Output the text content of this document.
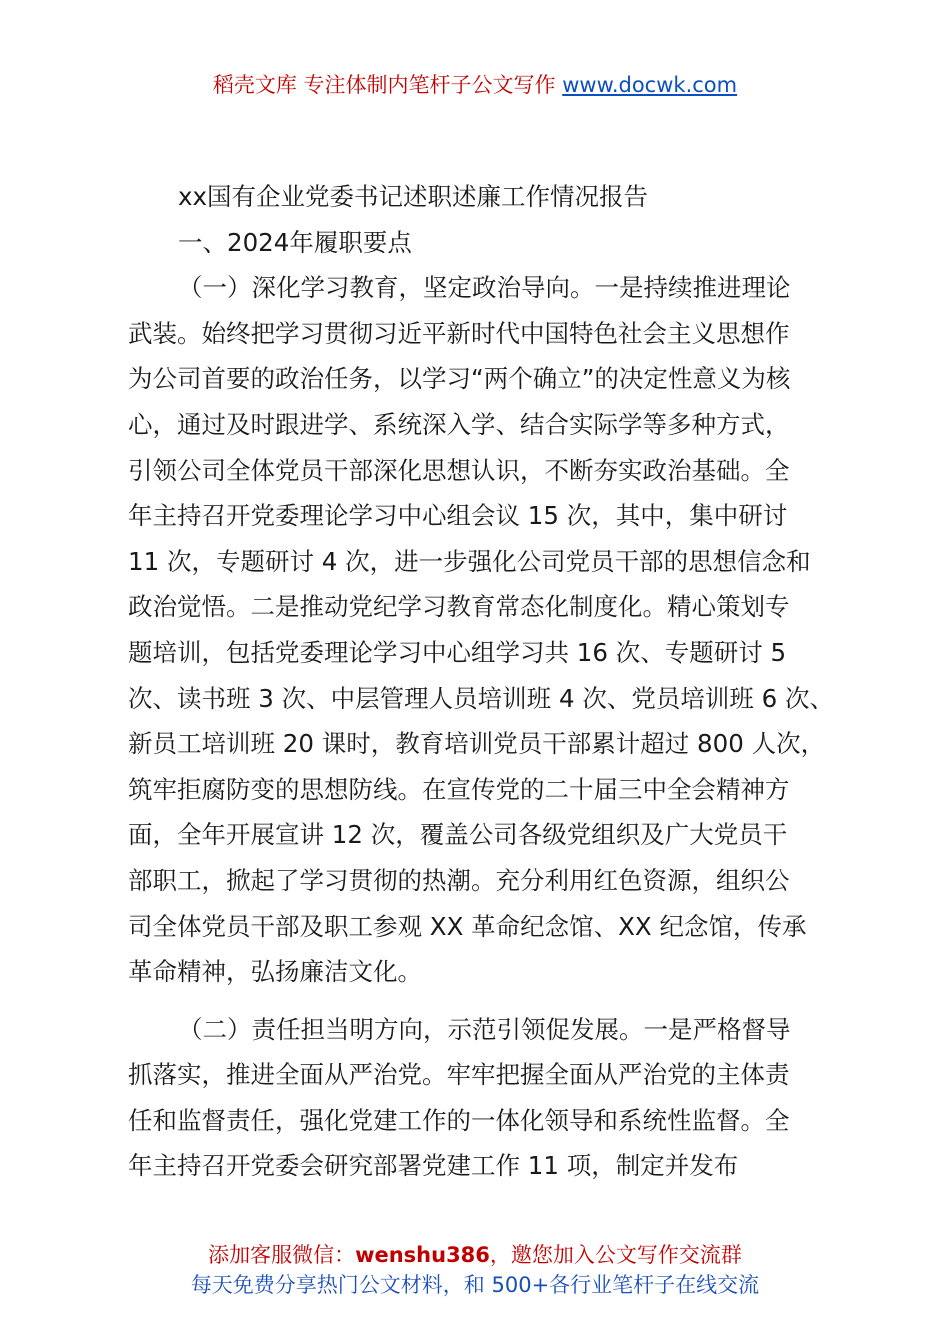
稻壳文库 专注体制内笔杆子公文写作 www.docwk.com
xx国有企业党委书记述职述廉工作情况报告
一、2024年履职要点
（一）深化学习教育，坚定政治导向。一是持续推进理论
武装。始终把学习贯彻习近平新时代中国特色社会主义思想作
为公司首要的政治任务，以学习“两个确立”的决定性意义为核
心，通过及时跟进学、系统深入学、结合实际学等多种方式，
引领公司全体党员干部深化思想认识，不断夯实政治基础。全
年主持召开党委理论学习中心组会议 15 次，其中，集中研讨
11 次，专题研讨 4 次，进一步强化公司党员干部的思想信念和
政治觉悟。二是推动党纪学习教育常态化制度化。精心策划专
题培训，包括党委理论学习中心组学习共 16 次、专题研讨 5
次、读书班 3 次、中层管理人员培训班 4 次、党员培训班 6 次、
新员工培训班 20 课时，教育培训党员干部累计超过 800 人次，
筑牢拒腐防变的思想防线。在宣传党的二十届三中全会精神方
面，全年开展宣讲 12 次，覆盖公司各级党组织及广大党员干
部职工，掀起了学习贯彻的热潮。充分利用红色资源，组织公
司全体党员干部及职工参观 XX 革命纪念馆、XX 纪念馆，传承
革命精神，弘扬廉洁文化。
（二）责任担当明方向，示范引领促发展。一是严格督导
抓落实，推进全面从严治党。牢牢把握全面从严治党的主体责
任和监督责任，强化党建工作的一体化领导和系统性监督。全
年主持召开党委会研究部署党建工作 11 项，制定并发布
添加客服微信：wenshu386，邀您加入公文写作交流群
每天免费分享热门公文材料，和 500+各行业笔杆子在线交流
